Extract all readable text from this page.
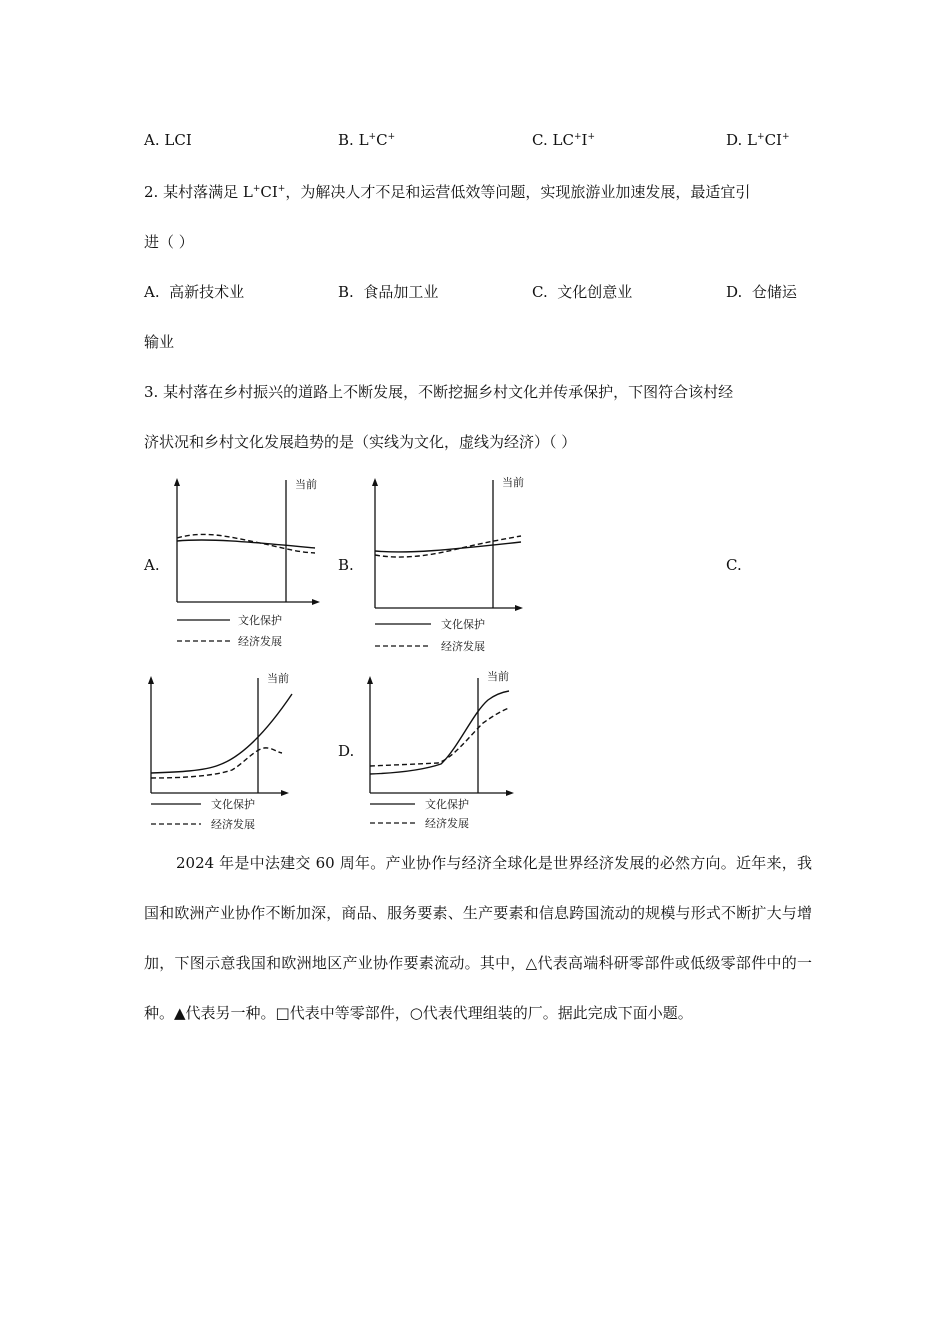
A. LCI	B. L+C+	C. LC+I+	D. L+CI+
2. 某村落满足 L+CI+，为解决人才不足和运营低效等问题，实现旅游业加速发展，最适宜引
进（ ）
A. 高新技术业	B. 食品加工业	C. 文化创意业	D. 仓储运
输业
3. 某村落在乡村振兴的道路上不断发展，不断挖掘乡村文化并传承保护，下图符合该村经
济状况和乡村文化发展趋势的是（实线为文化，虚线为经济）（ ）
A.	B.	C.
D.
当前
文化保护
经济发展
当前
文化保护
经济发展
当前
文化保护
经济发展
当前
文化保护
经济发展
2024 年是中法建交 60 周年。产业协作与经济全球化是世界经济发展的必然方向。近年来，我国和欧洲产业协作不断加深，商品、服务要素、生产要素和信息跨国流动的规模与形式不断扩大与增加，下图示意我国和欧洲地区产业协作要素流动。其中，△代表高端科研零部件或低级零部件中的一种。▲代表另一种。□代表中等零部件，○代表代理组装的厂。据此完成下面小题。
